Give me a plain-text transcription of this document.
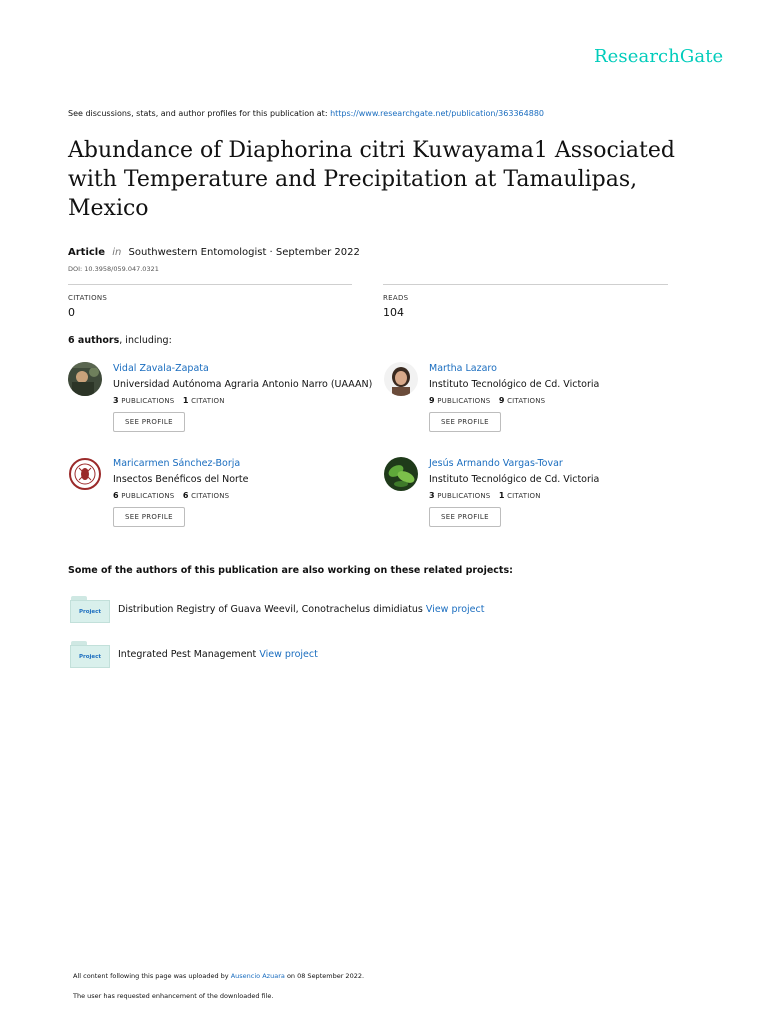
ResearchGate
See discussions, stats, and author profiles for this publication at: https://www.researchgate.net/publication/363364880
Abundance of Diaphorina citri Kuwayama1 Associated with Temperature and Precipitation at Tamaulipas, Mexico
Article in Southwestern Entomologist · September 2022
DOI: 10.3958/059.047.0321
CITATIONS
0
READS
104
6 authors, including:
Vidal Zavala-Zapata
Universidad Autónoma Agraria Antonio Narro (UAAAN)
3 PUBLICATIONS 1 CITATION
SEE PROFILE
Martha Lazaro
Instituto Tecnológico de Cd. Victoria
9 PUBLICATIONS 9 CITATIONS
SEE PROFILE
Maricarmen Sánchez-Borja
Insectos Benéficos del Norte
6 PUBLICATIONS 6 CITATIONS
SEE PROFILE
Jesús Armando Vargas-Tovar
Instituto Tecnológico de Cd. Victoria
3 PUBLICATIONS 1 CITATION
SEE PROFILE
Some of the authors of this publication are also working on these related projects:
Project	Distribution Registry of Guava Weevil, Conotrachelus dimidiatus View project
Project	Integrated Pest Management View project
All content following this page was uploaded by Ausencio Azuara on 08 September 2022.
The user has requested enhancement of the downloaded file.
